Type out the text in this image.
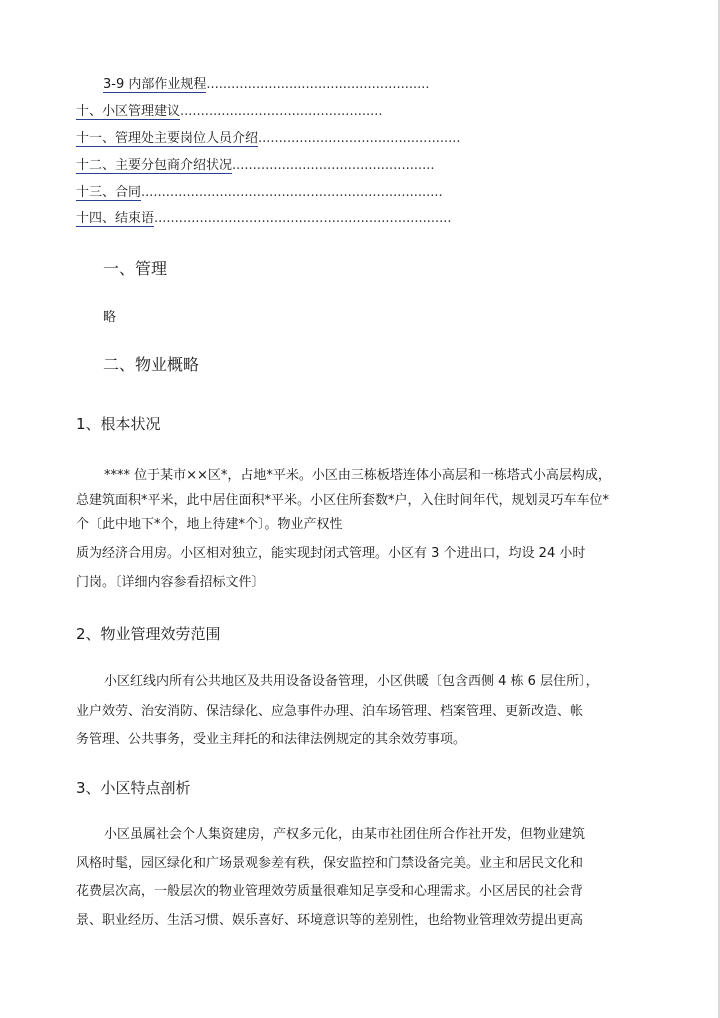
3-9 内部作业规程......................................................
十、小区管理建议.................................................
十一、管理处主要岗位人员介绍.................................................
十二、主要分包商介绍状况.................................................
十三、合同.........................................................................
十四、结束语........................................................................
一、管理
略
二、物业概略
1、根本状况
**** 位于某市××区*，占地*平米。小区由三栋板塔连体小高层和一栋塔式小高层构成，
总建筑面积*平米，此中居住面积*平米。小区住所套数*户，入住时间年代，规划灵巧车车位*
个〔此中地下*个，地上待建*个〕。物业产权性
质为经济合用房。小区相对独立，能实现封闭式管理。小区有 3 个进出口，均设 24 小时
门岗。〔详细内容参看招标文件〕
2、物业管理效劳范围
小区红线内所有公共地区及共用设备设备管理，小区供暖〔包含西侧 4 栋 6 层住所〕，
业户效劳、治安消防、保洁绿化、应急事件办理、泊车场管理、档案管理、更新改造、帐
务管理、公共事务，受业主拜托的和法律法例规定的其余效劳事项。
3、小区特点剖析
小区虽属社会个人集资建房，产权多元化，由某市社团住所合作社开发，但物业建筑
风格时髦，园区绿化和广场景观参差有秩，保安监控和门禁设备完美。业主和居民文化和
花费层次高，一般层次的物业管理效劳质量很难知足享受和心理需求。小区居民的社会背
景、职业经历、生活习惯、娱乐喜好、环境意识等的差别性，也给物业管理效劳提出更高
